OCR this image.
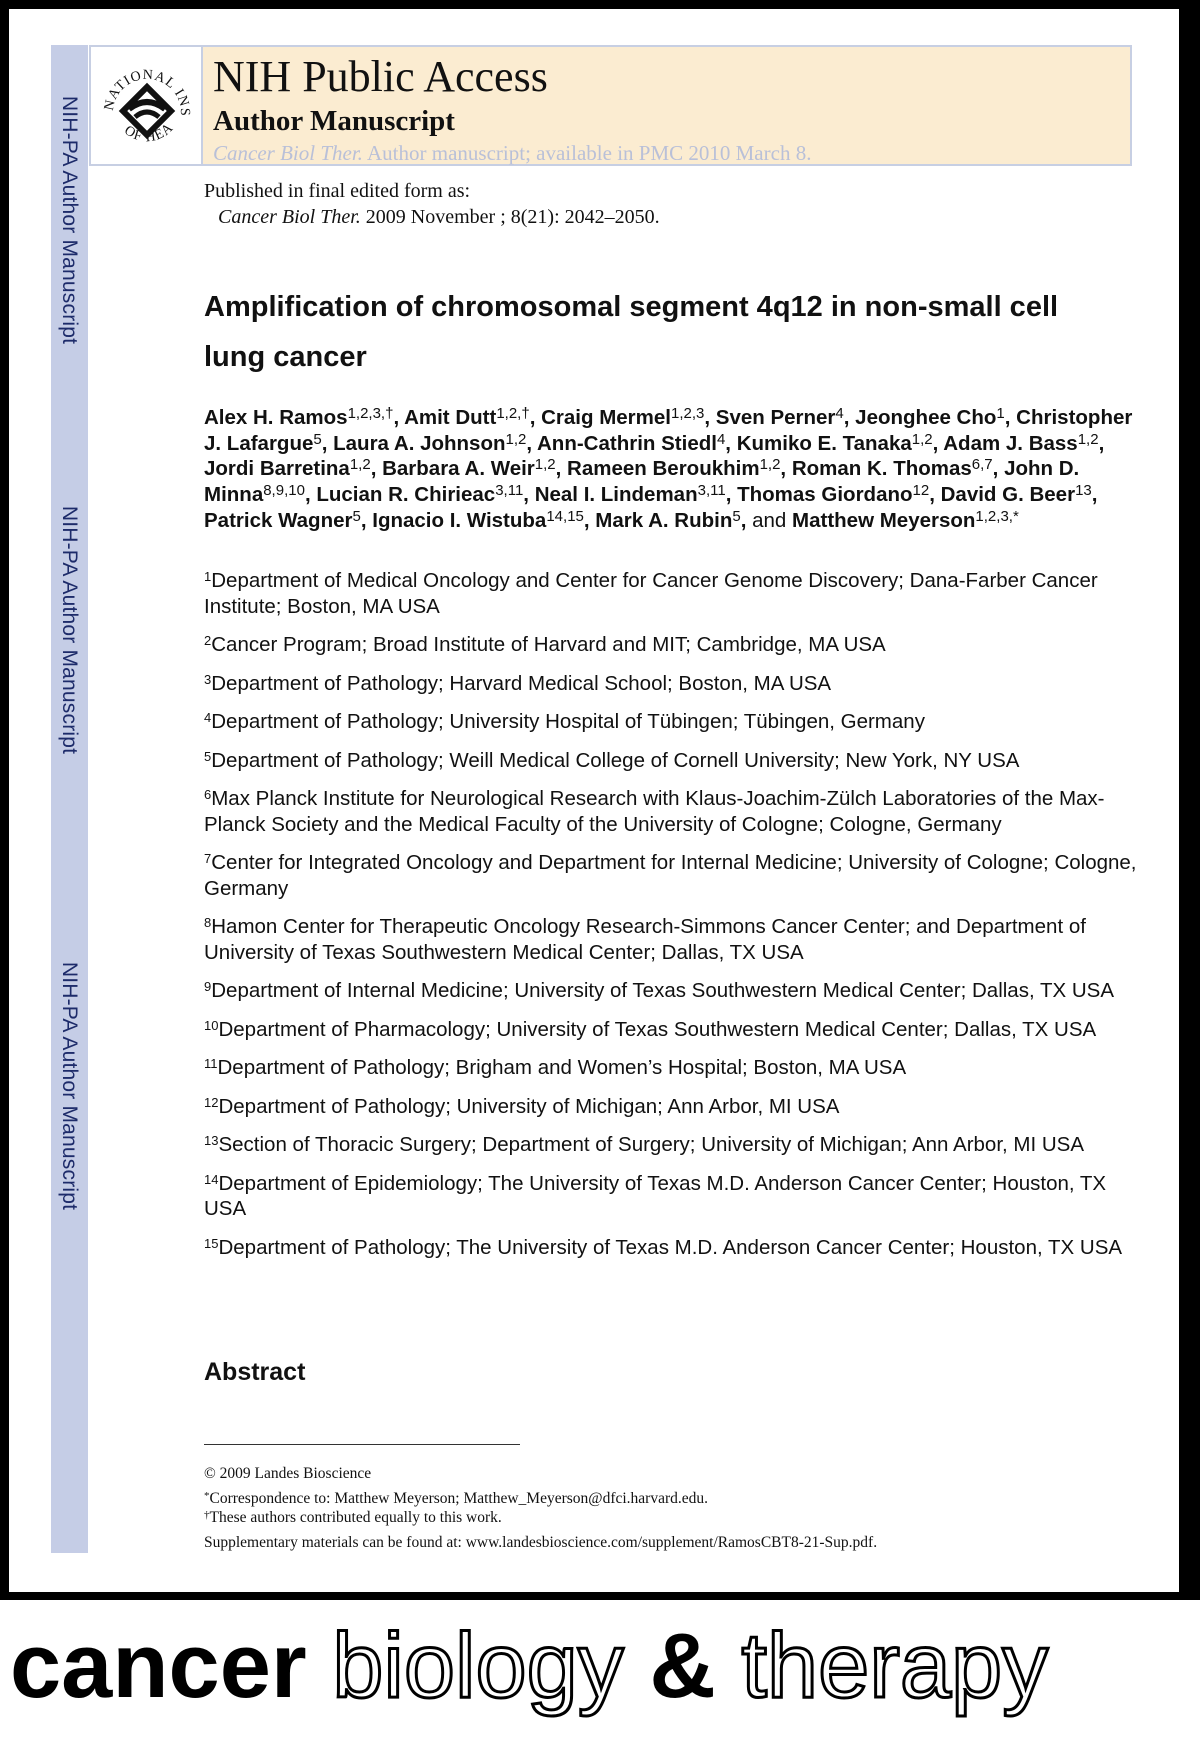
NIH-PA Author Manuscript
NIH-PA Author Manuscript
NIH-PA Author Manuscript
NATIONAL INS
OF HEA
NIH Public Access
Author Manuscript
Cancer Biol Ther. Author manuscript; available in PMC 2010 March 8.
Published in final edited form as:
Cancer Biol Ther. 2009 November ; 8(21): 2042–2050.
Amplification of chromosomal segment 4q12 in non-small cell
lung cancer
Alex H. Ramos$^{1,2,3,\dagger}$, Amit Dutt$^{1,2,\dagger}$, Craig Mermel$^{1,2,3}$, Sven Perner$^4$, Jeonghee Cho$^1$, Christopher J. Lafargue$^5$, Laura A. Johnson$^{1,2}$, Ann-Cathrin Stiedl$^4$, Kumiko E. Tanaka$^{1,2}$, Adam J. Bass$^{1,2}$, Jordi Barretina$^{1,2}$, Barbara A. Weir$^{1,2}$, Rameen Beroukhim$^{1,2}$, Roman K. Thomas$^{6,7}$, John D. Minna$^{8,9,10}$, Lucian R. Chirieac$^{3,11}$, Neal I. Lindeman$^{3,11}$, Thomas Giordano$^{12}$, David G. Beer$^{13}$, Patrick Wagner$^5$, Ignacio I. Wistuba$^{14,15}$, Mark A. Rubin$^5$, and Matthew Meyerson$^{1,2,3,*}$
$^1$Department of Medical Oncology and Center for Cancer Genome Discovery; Dana-Farber Cancer Institute; Boston, MA USA
$^2$Cancer Program; Broad Institute of Harvard and MIT; Cambridge, MA USA
$^3$Department of Pathology; Harvard Medical School; Boston, MA USA
$^4$Department of Pathology; University Hospital of Tübingen; Tübingen, Germany
$^5$Department of Pathology; Weill Medical College of Cornell University; New York, NY USA
$^6$Max Planck Institute for Neurological Research with Klaus-Joachim-Zülch Laboratories of the Max-Planck Society and the Medical Faculty of the University of Cologne; Cologne, Germany
$^7$Center for Integrated Oncology and Department for Internal Medicine; University of Cologne; Cologne, Germany
$^8$Hamon Center for Therapeutic Oncology Research-Simmons Cancer Center; and Department of University of Texas Southwestern Medical Center; Dallas, TX USA
$^9$Department of Internal Medicine; University of Texas Southwestern Medical Center; Dallas, TX USA
$^{10}$Department of Pharmacology; University of Texas Southwestern Medical Center; Dallas, TX USA
$^{11}$Department of Pathology; Brigham and Women’s Hospital; Boston, MA USA
$^{12}$Department of Pathology; University of Michigan; Ann Arbor, MI USA
$^{13}$Section of Thoracic Surgery; Department of Surgery; University of Michigan; Ann Arbor, MI USA
$^{14}$Department of Epidemiology; The University of Texas M.D. Anderson Cancer Center; Houston, TX USA
$^{15}$Department of Pathology; The University of Texas M.D. Anderson Cancer Center; Houston, TX USA
Abstract
© 2009 Landes Bioscience
*Correspondence to: Matthew Meyerson; Matthew_Meyerson@dfci.harvard.edu.
†These authors contributed equally to this work.
Supplementary materials can be found at: www.landesbioscience.com/supplement/RamosCBT8-21-Sup.pdf.
cancer biology & therapy
